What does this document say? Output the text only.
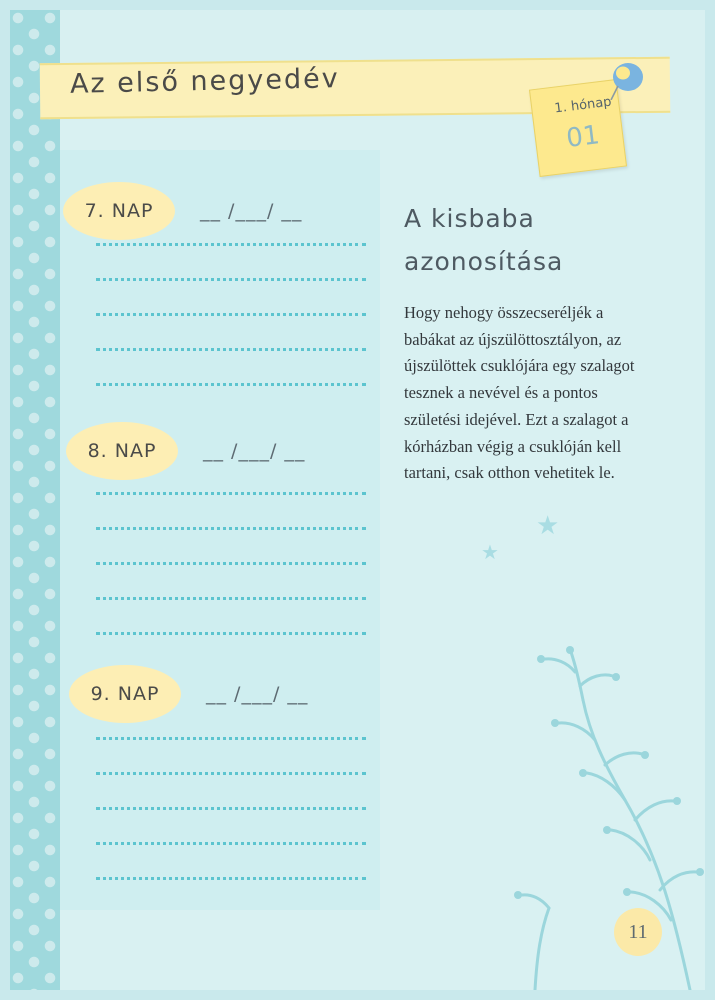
Az első negyedév
1. hónap
01
7. NAP	__ /___/ __
8. NAP	__ /___/ __
9. NAP	__ /___/ __
A kisbaba
azonosítása
Hogy nehogy összecseréljék a babákat az újszülöttosztályon, az újszülöttek csuklójára egy szalagot tesznek a nevével és a pontos születési idejével. Ezt a szalagot a kórházban végig a csuklóján kell tartani, csak otthon vehetitek le.
★
★
11
